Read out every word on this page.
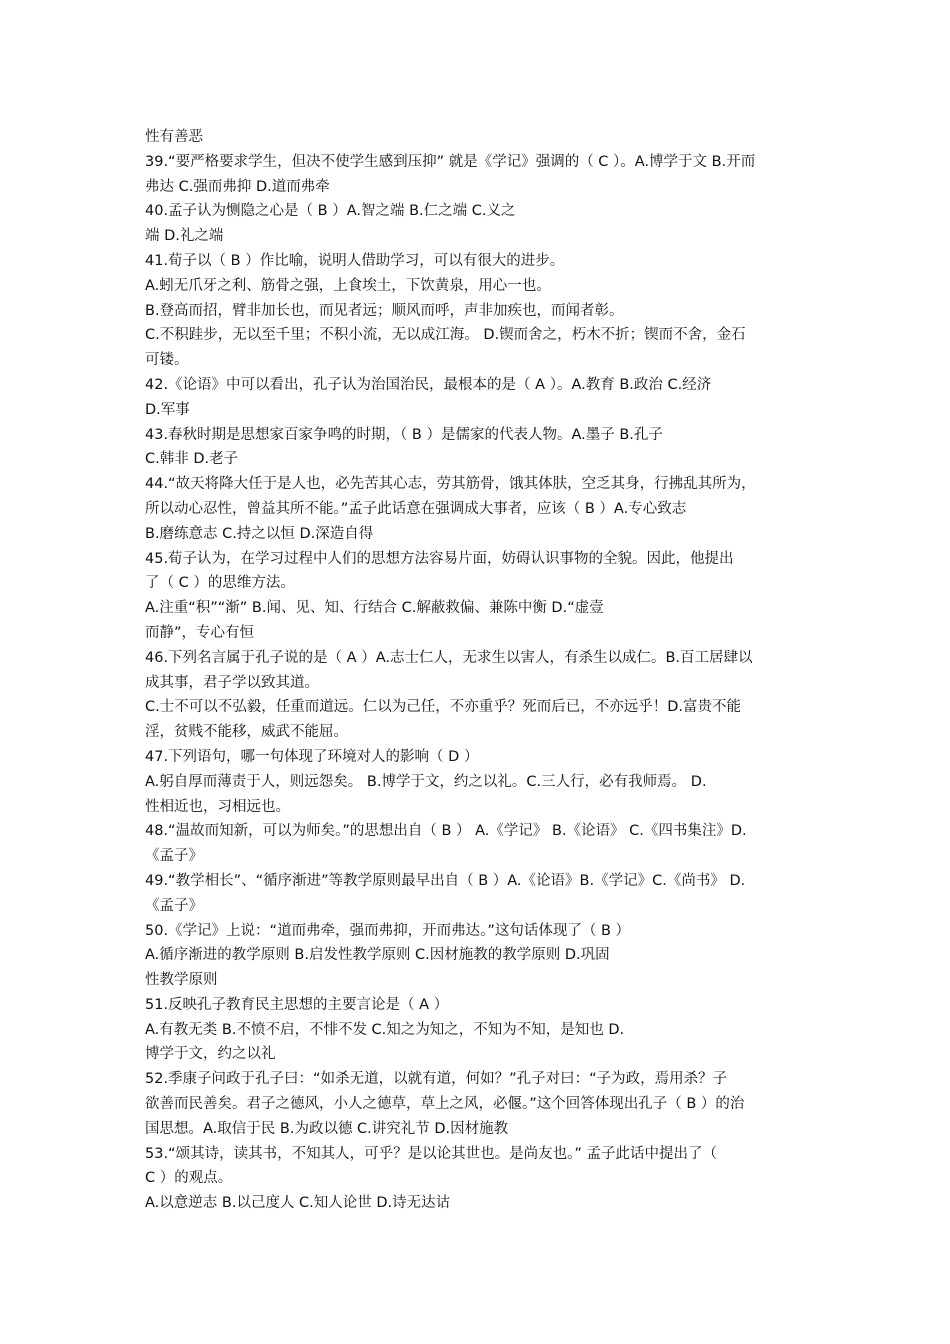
性有善恶
39.“要严格要求学生，但决不使学生感到压抑” 就是《学记》强调的（ C ）。A.博学于文 B.开而
弗达 C.强而弗抑 D.道而弗牵
40.孟子认为恻隐之心是（ B ）A.智之端 B.仁之端 C.义之
端 D.礼之端
41.荀子以（ B ）作比喻，说明人借助学习，可以有很大的进步。
A.蚓无爪牙之利、筋骨之强，上食埃土，下饮黄泉，用心一也。
B.登高而招，臂非加长也，而见者远；顺风而呼，声非加疾也，而闻者彰。
C.不积跬步，无以至千里；不积小流，无以成江海。 D.锲而舍之，朽木不折；锲而不舍，金石
可镂。
42.《论语》中可以看出，孔子认为治国治民，最根本的是（ A ）。A.教育 B.政治 C.经济
D.军事
43.春秋时期是思想家百家争鸣的时期，（ B ）是儒家的代表人物。A.墨子 B.孔子
C.韩非 D.老子
44.“故天将降大任于是人也，必先苦其心志，劳其筋骨，饿其体肤，空乏其身，行拂乱其所为，
所以动心忍性，曾益其所不能。”孟子此话意在强调成大事者，应该（ B ）A.专心致志
B.磨练意志 C.持之以恒 D.深造自得
45.荀子认为，在学习过程中人们的思想方法容易片面，妨碍认识事物的全貌。因此，他提出
了（ C ）的思维方法。
A.注重“积”“渐” B.闻、见、知、行结合 C.解蔽救偏、兼陈中衡 D.“虚壹
而静”，专心有恒
46.下列名言属于孔子说的是（ A ）A.志士仁人，无求生以害人，有杀生以成仁。B.百工居肆以
成其事，君子学以致其道。
C.士不可以不弘毅，任重而道远。仁以为己任，不亦重乎？死而后已，不亦远乎！D.富贵不能
淫，贫贱不能移，威武不能屈。
47.下列语句，哪一句体现了环境对人的影响（ D ）
A.躬自厚而薄责于人，则远怨矣。 B.博学于文，约之以礼。C.三人行，必有我师焉。 D.
性相近也，习相远也。
48.“温故而知新，可以为师矣。”的思想出自（ B ） A.《学记》 B.《论语》 C.《四书集注》D.
《孟子》
49.“教学相长”、“循序渐进”等教学原则最早出自（ B ）A.《论语》B.《学记》C.《尚书》 D.
《孟子》
50.《学记》上说：“道而弗牵，强而弗抑，开而弗达。”这句话体现了（ B ）
A.循序渐进的教学原则 B.启发性教学原则 C.因材施教的教学原则 D.巩固
性教学原则
51.反映孔子教育民主思想的主要言论是（ A ）
A.有教无类 B.不愤不启，不悱不发 C.知之为知之，不知为不知，是知也 D.
博学于文，约之以礼
52.季康子问政于孔子曰：“如杀无道，以就有道，何如？”孔子对曰：“子为政，焉用杀？子
欲善而民善矣。君子之德风，小人之德草，草上之风，必偃。”这个回答体现出孔子（ B ）的治
国思想。A.取信于民 B.为政以德 C.讲究礼节 D.因材施教
53.“颂其诗，读其书，不知其人，可乎？是以论其世也。是尚友也。” 孟子此话中提出了（
C ）的观点。
A.以意逆志 B.以己度人 C.知人论世 D.诗无达诂
